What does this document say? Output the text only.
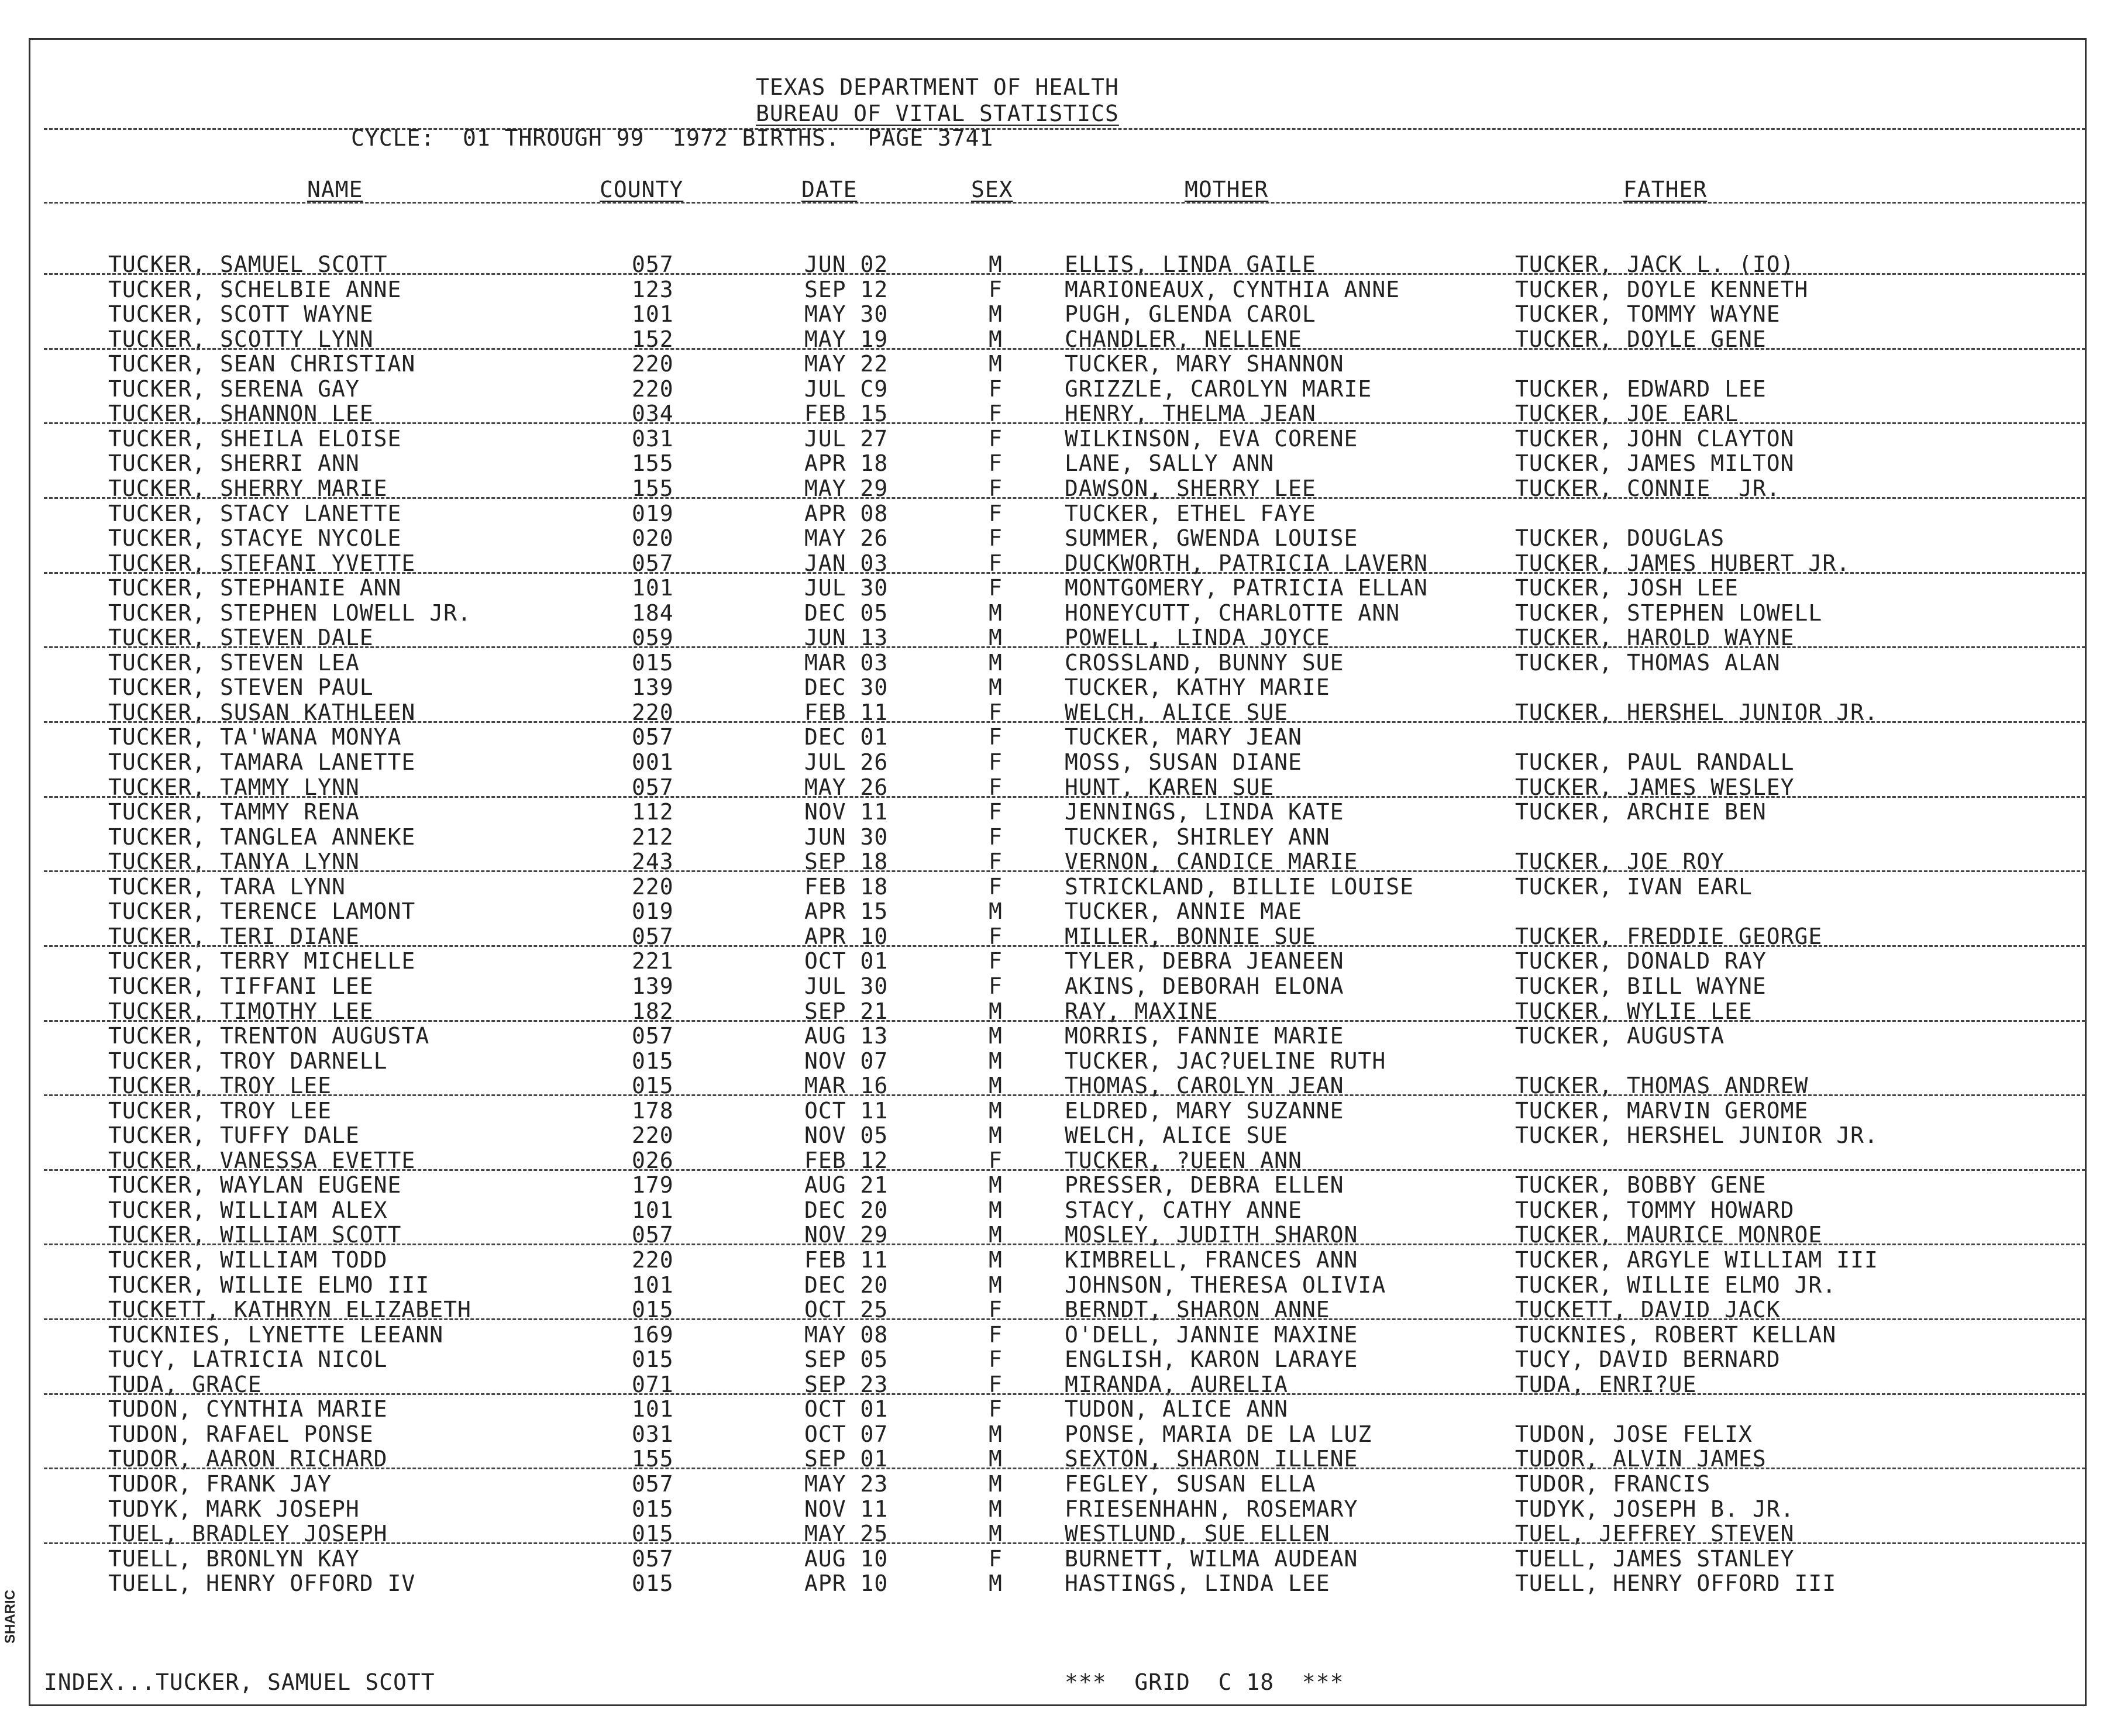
TEXAS DEPARTMENT OF HEALTH
BUREAU OF VITAL STATISTICS
CYCLE:  01 THROUGH 99  1972 BIRTHS.  PAGE 3741
NAME	COUNTY	DATE	SEX	MOTHER	FATHER
TUCKER, SAMUEL SCOTT	057	JUN 02	M	ELLIS, LINDA GAILE	TUCKER, JACK L. (IO)
TUCKER, SCHELBIE ANNE	123	SEP 12	F	MARIONEAUX, CYNTHIA ANNE	TUCKER, DOYLE KENNETH
TUCKER, SCOTT WAYNE	101	MAY 30	M	PUGH, GLENDA CAROL	TUCKER, TOMMY WAYNE
TUCKER, SCOTTY LYNN	152	MAY 19	M	CHANDLER, NELLENE	TUCKER, DOYLE GENE
TUCKER, SEAN CHRISTIAN	220	MAY 22	M	TUCKER, MARY SHANNON
TUCKER, SERENA GAY	220	JUL C9	F	GRIZZLE, CAROLYN MARIE	TUCKER, EDWARD LEE
TUCKER, SHANNON LEE	034	FEB 15	F	HENRY, THELMA JEAN	TUCKER, JOE EARL
TUCKER, SHEILA ELOISE	031	JUL 27	F	WILKINSON, EVA CORENE	TUCKER, JOHN CLAYTON
TUCKER, SHERRI ANN	155	APR 18	F	LANE, SALLY ANN	TUCKER, JAMES MILTON
TUCKER, SHERRY MARIE	155	MAY 29	F	DAWSON, SHERRY LEE	TUCKER, CONNIE  JR.
TUCKER, STACY LANETTE	019	APR 08	F	TUCKER, ETHEL FAYE
TUCKER, STACYE NYCOLE	020	MAY 26	F	SUMMER, GWENDA LOUISE	TUCKER, DOUGLAS
TUCKER, STEFANI YVETTE	057	JAN 03	F	DUCKWORTH, PATRICIA LAVERN	TUCKER, JAMES HUBERT JR.
TUCKER, STEPHANIE ANN	101	JUL 30	F	MONTGOMERY, PATRICIA ELLAN	TUCKER, JOSH LEE
TUCKER, STEPHEN LOWELL JR.	184	DEC 05	M	HONEYCUTT, CHARLOTTE ANN	TUCKER, STEPHEN LOWELL
TUCKER, STEVEN DALE	059	JUN 13	M	POWELL, LINDA JOYCE	TUCKER, HAROLD WAYNE
TUCKER, STEVEN LEA	015	MAR 03	M	CROSSLAND, BUNNY SUE	TUCKER, THOMAS ALAN
TUCKER, STEVEN PAUL	139	DEC 30	M	TUCKER, KATHY MARIE
TUCKER, SUSAN KATHLEEN	220	FEB 11	F	WELCH, ALICE SUE	TUCKER, HERSHEL JUNIOR JR.
TUCKER, TA'WANA MONYA	057	DEC 01	F	TUCKER, MARY JEAN
TUCKER, TAMARA LANETTE	001	JUL 26	F	MOSS, SUSAN DIANE	TUCKER, PAUL RANDALL
TUCKER, TAMMY LYNN	057	MAY 26	F	HUNT, KAREN SUE	TUCKER, JAMES WESLEY
TUCKER, TAMMY RENA	112	NOV 11	F	JENNINGS, LINDA KATE	TUCKER, ARCHIE BEN
TUCKER, TANGLEA ANNEKE	212	JUN 30	F	TUCKER, SHIRLEY ANN
TUCKER, TANYA LYNN	243	SEP 18	F	VERNON, CANDICE MARIE	TUCKER, JOE ROY
TUCKER, TARA LYNN	220	FEB 18	F	STRICKLAND, BILLIE LOUISE	TUCKER, IVAN EARL
TUCKER, TERENCE LAMONT	019	APR 15	M	TUCKER, ANNIE MAE
TUCKER, TERI DIANE	057	APR 10	F	MILLER, BONNIE SUE	TUCKER, FREDDIE GEORGE
TUCKER, TERRY MICHELLE	221	OCT 01	F	TYLER, DEBRA JEANEEN	TUCKER, DONALD RAY
TUCKER, TIFFANI LEE	139	JUL 30	F	AKINS, DEBORAH ELONA	TUCKER, BILL WAYNE
TUCKER, TIMOTHY LEE	182	SEP 21	M	RAY, MAXINE	TUCKER, WYLIE LEE
TUCKER, TRENTON AUGUSTA	057	AUG 13	M	MORRIS, FANNIE MARIE	TUCKER, AUGUSTA
TUCKER, TROY DARNELL	015	NOV 07	M	TUCKER, JAC?UELINE RUTH
TUCKER, TROY LEE	015	MAR 16	M	THOMAS, CAROLYN JEAN	TUCKER, THOMAS ANDREW
TUCKER, TROY LEE	178	OCT 11	M	ELDRED, MARY SUZANNE	TUCKER, MARVIN GEROME
TUCKER, TUFFY DALE	220	NOV 05	M	WELCH, ALICE SUE	TUCKER, HERSHEL JUNIOR JR.
TUCKER, VANESSA EVETTE	026	FEB 12	F	TUCKER, ?UEEN ANN
TUCKER, WAYLAN EUGENE	179	AUG 21	M	PRESSER, DEBRA ELLEN	TUCKER, BOBBY GENE
TUCKER, WILLIAM ALEX	101	DEC 20	M	STACY, CATHY ANNE	TUCKER, TOMMY HOWARD
TUCKER, WILLIAM SCOTT	057	NOV 29	M	MOSLEY, JUDITH SHARON	TUCKER, MAURICE MONROE
TUCKER, WILLIAM TODD	220	FEB 11	M	KIMBRELL, FRANCES ANN	TUCKER, ARGYLE WILLIAM III
TUCKER, WILLIE ELMO III	101	DEC 20	M	JOHNSON, THERESA OLIVIA	TUCKER, WILLIE ELMO JR.
TUCKETT, KATHRYN ELIZABETH	015	OCT 25	F	BERNDT, SHARON ANNE	TUCKETT, DAVID JACK
TUCKNIES, LYNETTE LEEANN	169	MAY 08	F	O'DELL, JANNIE MAXINE	TUCKNIES, ROBERT KELLAN
TUCY, LATRICIA NICOL	015	SEP 05	F	ENGLISH, KARON LARAYE	TUCY, DAVID BERNARD
TUDA, GRACE	071	SEP 23	F	MIRANDA, AURELIA	TUDA, ENRI?UE
TUDON, CYNTHIA MARIE	101	OCT 01	F	TUDON, ALICE ANN
TUDON, RAFAEL PONSE	031	OCT 07	M	PONSE, MARIA DE LA LUZ	TUDON, JOSE FELIX
TUDOR, AARON RICHARD	155	SEP 01	M	SEXTON, SHARON ILLENE	TUDOR, ALVIN JAMES
TUDOR, FRANK JAY	057	MAY 23	M	FEGLEY, SUSAN ELLA	TUDOR, FRANCIS
TUDYK, MARK JOSEPH	015	NOV 11	M	FRIESENHAHN, ROSEMARY	TUDYK, JOSEPH B. JR.
TUEL, BRADLEY JOSEPH	015	MAY 25	M	WESTLUND, SUE ELLEN	TUEL, JEFFREY STEVEN
TUELL, BRONLYN KAY	057	AUG 10	F	BURNETT, WILMA AUDEAN	TUELL, JAMES STANLEY
TUELL, HENRY OFFORD IV	015	APR 10	M	HASTINGS, LINDA LEE	TUELL, HENRY OFFORD III
INDEX...TUCKER, SAMUEL SCOTT	***  GRID  C 18  ***
SHARIC
